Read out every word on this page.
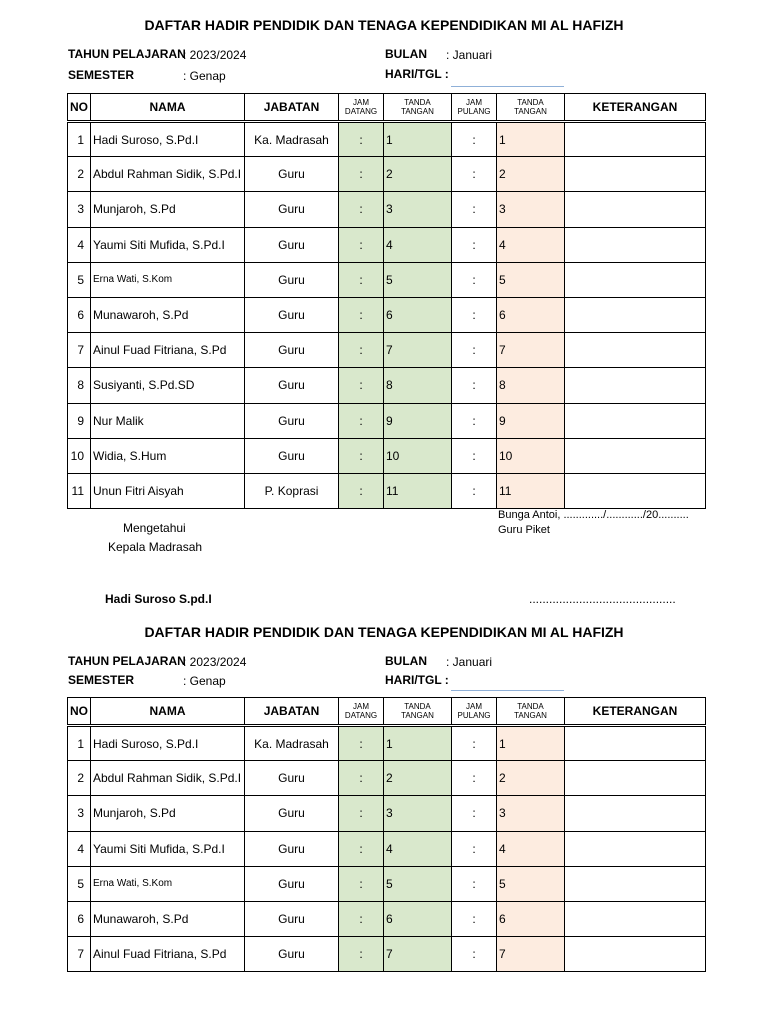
DAFTAR HADIR PENDIDIK DAN TENAGA KEPENDIDIKAN MI AL HAFIZH
TAHUN PELAJARAN
: 2023/2024
SEMESTER	: Genap
BULAN : Januari
HARI/TGL :
NO	NAMA	JABATAN	JAM
DATANG	TANDA
TANGAN	JAM
PULANG	TANDA
TANGAN	KETERANGAN
1	Hadi Suroso, S.Pd.I	Ka. Madrasah	:	1	:	1	
2	Abdul Rahman Sidik, S.Pd.I	Guru	:	2	:	2	
3	Munjaroh, S.Pd	Guru	:	3	:	3	
4	Yaumi Siti Mufida, S.Pd.I	Guru	:	4	:	4	
5	Erna Wati, S.Kom	Guru	:	5	:	5	
6	Munawaroh, S.Pd	Guru	:	6	:	6	
7	Ainul Fuad Fitriana, S.Pd	Guru	:	7	:	7	
8	Susiyanti, S.Pd.SD	Guru	:	8	:	8	
9	Nur Malik	Guru	:	9	:	9	
10	Widia, S.Hum	Guru	:	10	:	10	
11	Unun Fitri Aisyah	P. Koprasi	:	11	:	11	
Mengetahui
Kepala Madrasah
Hadi Suroso S.pd.I
Bunga Antoi, ............./............/20..........
Guru Piket
............................................
DAFTAR HADIR PENDIDIK DAN TENAGA KEPENDIDIKAN MI AL HAFIZH
TAHUN PELAJARAN
: 2023/2024
SEMESTER	: Genap
BULAN : Januari
HARI/TGL :
NO	NAMA	JABATAN	JAM
DATANG	TANDA
TANGAN	JAM
PULANG	TANDA
TANGAN	KETERANGAN
1	Hadi Suroso, S.Pd.I	Ka. Madrasah	:	1	:	1	
2	Abdul Rahman Sidik, S.Pd.I	Guru	:	2	:	2	
3	Munjaroh, S.Pd	Guru	:	3	:	3	
4	Yaumi Siti Mufida, S.Pd.I	Guru	:	4	:	4	
5	Erna Wati, S.Kom	Guru	:	5	:	5	
6	Munawaroh, S.Pd	Guru	:	6	:	6	
7	Ainul Fuad Fitriana, S.Pd	Guru	:	7	:	7	
